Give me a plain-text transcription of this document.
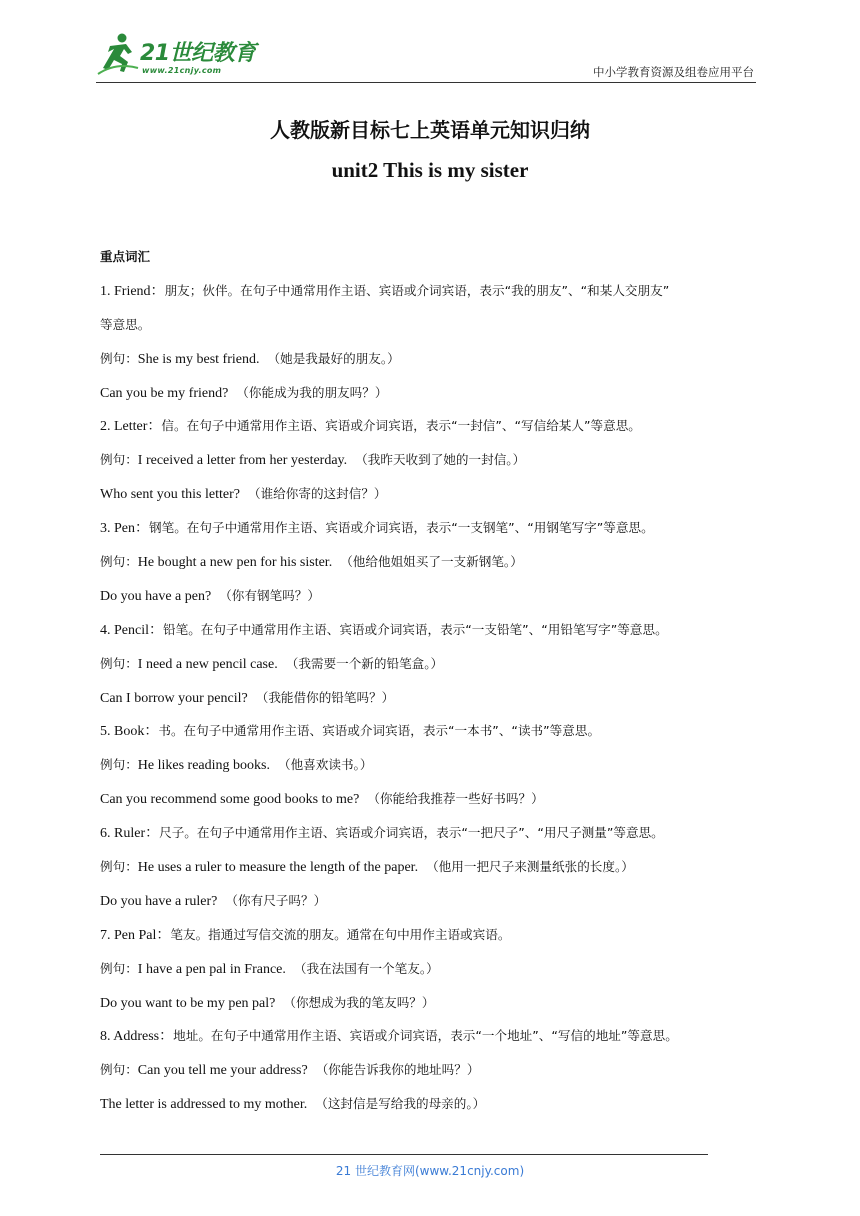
21世纪教育
www.21cnjy.com	中小学教育资源及组卷应用平台
人教版新目标七上英语单元知识归纳
unit2 This is my sister
重点词汇
1. Friend：朋友；伙伴。在句子中通常用作主语、宾语或介词宾语，表示“我的朋友”、“和某人交朋友”
等意思。
例句：She is my best friend. （她是我最好的朋友。）
Can you be my friend? （你能成为我的朋友吗？）
2. Letter：信。在句子中通常用作主语、宾语或介词宾语，表示“一封信”、“写信给某人”等意思。
例句：I received a letter from her yesterday. （我昨天收到了她的一封信。）
Who sent you this letter? （谁给你寄的这封信？）
3. Pen：钢笔。在句子中通常用作主语、宾语或介词宾语，表示“一支钢笔”、“用钢笔写字”等意思。
例句：He bought a new pen for his sister. （他给他姐姐买了一支新钢笔。）
Do you have a pen? （你有钢笔吗？）
4. Pencil：铅笔。在句子中通常用作主语、宾语或介词宾语，表示“一支铅笔”、“用铅笔写字”等意思。
例句：I need a new pencil case. （我需要一个新的铅笔盒。）
Can I borrow your pencil? （我能借你的铅笔吗？）
5. Book：书。在句子中通常用作主语、宾语或介词宾语，表示“一本书”、“读书”等意思。
例句：He likes reading books. （他喜欢读书。）
Can you recommend some good books to me? （你能给我推荐一些好书吗？）
6. Ruler：尺子。在句子中通常用作主语、宾语或介词宾语，表示“一把尺子”、“用尺子测量”等意思。
例句：He uses a ruler to measure the length of the paper. （他用一把尺子来测量纸张的长度。）
Do you have a ruler? （你有尺子吗？）
7. Pen Pal：笔友。指通过写信交流的朋友。通常在句中用作主语或宾语。
例句：I have a pen pal in France. （我在法国有一个笔友。）
Do you want to be my pen pal? （你想成为我的笔友吗？）
8. Address：地址。在句子中通常用作主语、宾语或介词宾语，表示“一个地址”、“写信的地址”等意思。
例句：Can you tell me your address? （你能告诉我你的地址吗？）
The letter is addressed to my mother. （这封信是写给我的母亲的。）
21 世纪教育网(www.21cnjy.com)
